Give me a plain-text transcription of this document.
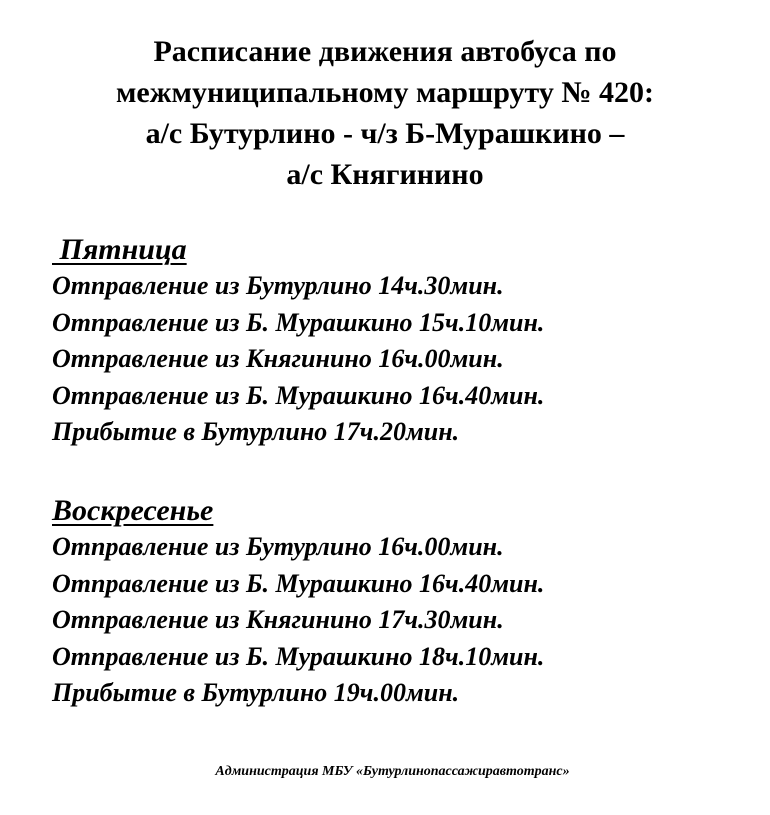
Расписание движения автобуса по
межмуниципальному маршруту № 420:
а/с Бутурлино - ч/з Б-Мурашкино –
а/с Княгинино
Пятница
Отправление из Бутурлино 14ч.30мин.
Отправление из Б. Мурашкино 15ч.10мин.
Отправление из Княгинино 16ч.00мин.
Отправление из Б. Мурашкино 16ч.40мин.
Прибытие в Бутурлино 17ч.20мин.
Воскресенье
Отправление из Бутурлино 16ч.00мин.
Отправление из Б. Мурашкино 16ч.40мин.
Отправление из Княгинино 17ч.30мин.
Отправление из Б. Мурашкино 18ч.10мин.
Прибытие в Бутурлино 19ч.00мин.
Администрация МБУ «Бутурлинопассажиравтотранс»
